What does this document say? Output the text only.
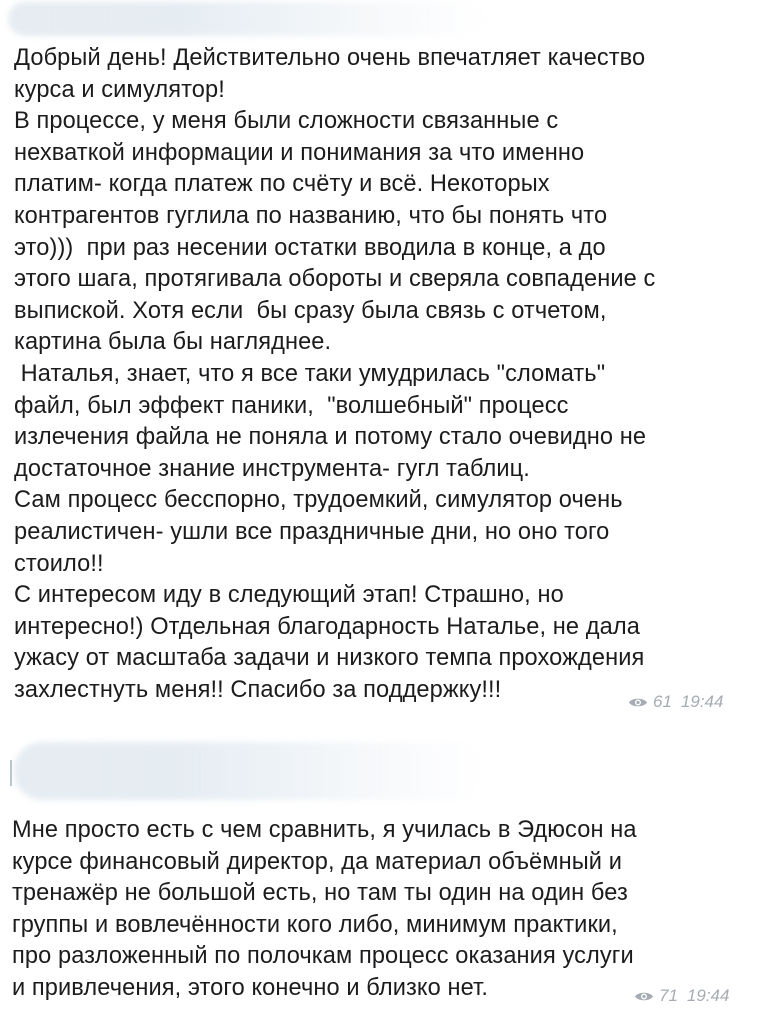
Добрый день! Действительно очень впечатляет качество
курса и симулятор!
В процессе, у меня были сложности связанные с
нехваткой информации и понимания за что именно
платим- когда платеж по счёту и всё. Некоторых
контрагентов гуглила по названию, что бы понять что
это)))  при раз несении остатки вводила в конце, а до
этого шага, протягивала обороты и сверяла совпадение с
выпиской. Хотя если  бы сразу была связь с отчетом,
картина была бы нагляднее.
Наталья, знает, что я все таки умудрилась "сломать"
файл, был эффект паники,  "волшебный" процесс
излечения файла не поняла и потому стало очевидно не
достаточное знание инструмента- гугл таблиц.
Сам процесс бесспорно, трудоемкий, симулятор очень
реалистичен- ушли все праздничные дни, но оно того
стоило!!
С интересом иду в следующий этап! Страшно, но
интересно!) Отдельная благодарность Наталье, не дала
ужасу от масштаба задачи и низкого темпа прохождения
захлестнуть меня!! Спасибо за поддержку!!!	61 19:44

Мне просто есть с чем сравнить, я училась в Эдюсон на
курсе финансовый директор, да материал объёмный и
тренажёр не большой есть, но там ты один на один без
группы и вовлечённости кого либо, минимум практики,
про разложенный по полочкам процесс оказания услуги
и привлечения, этого конечно и близко нет.	71 19:44
